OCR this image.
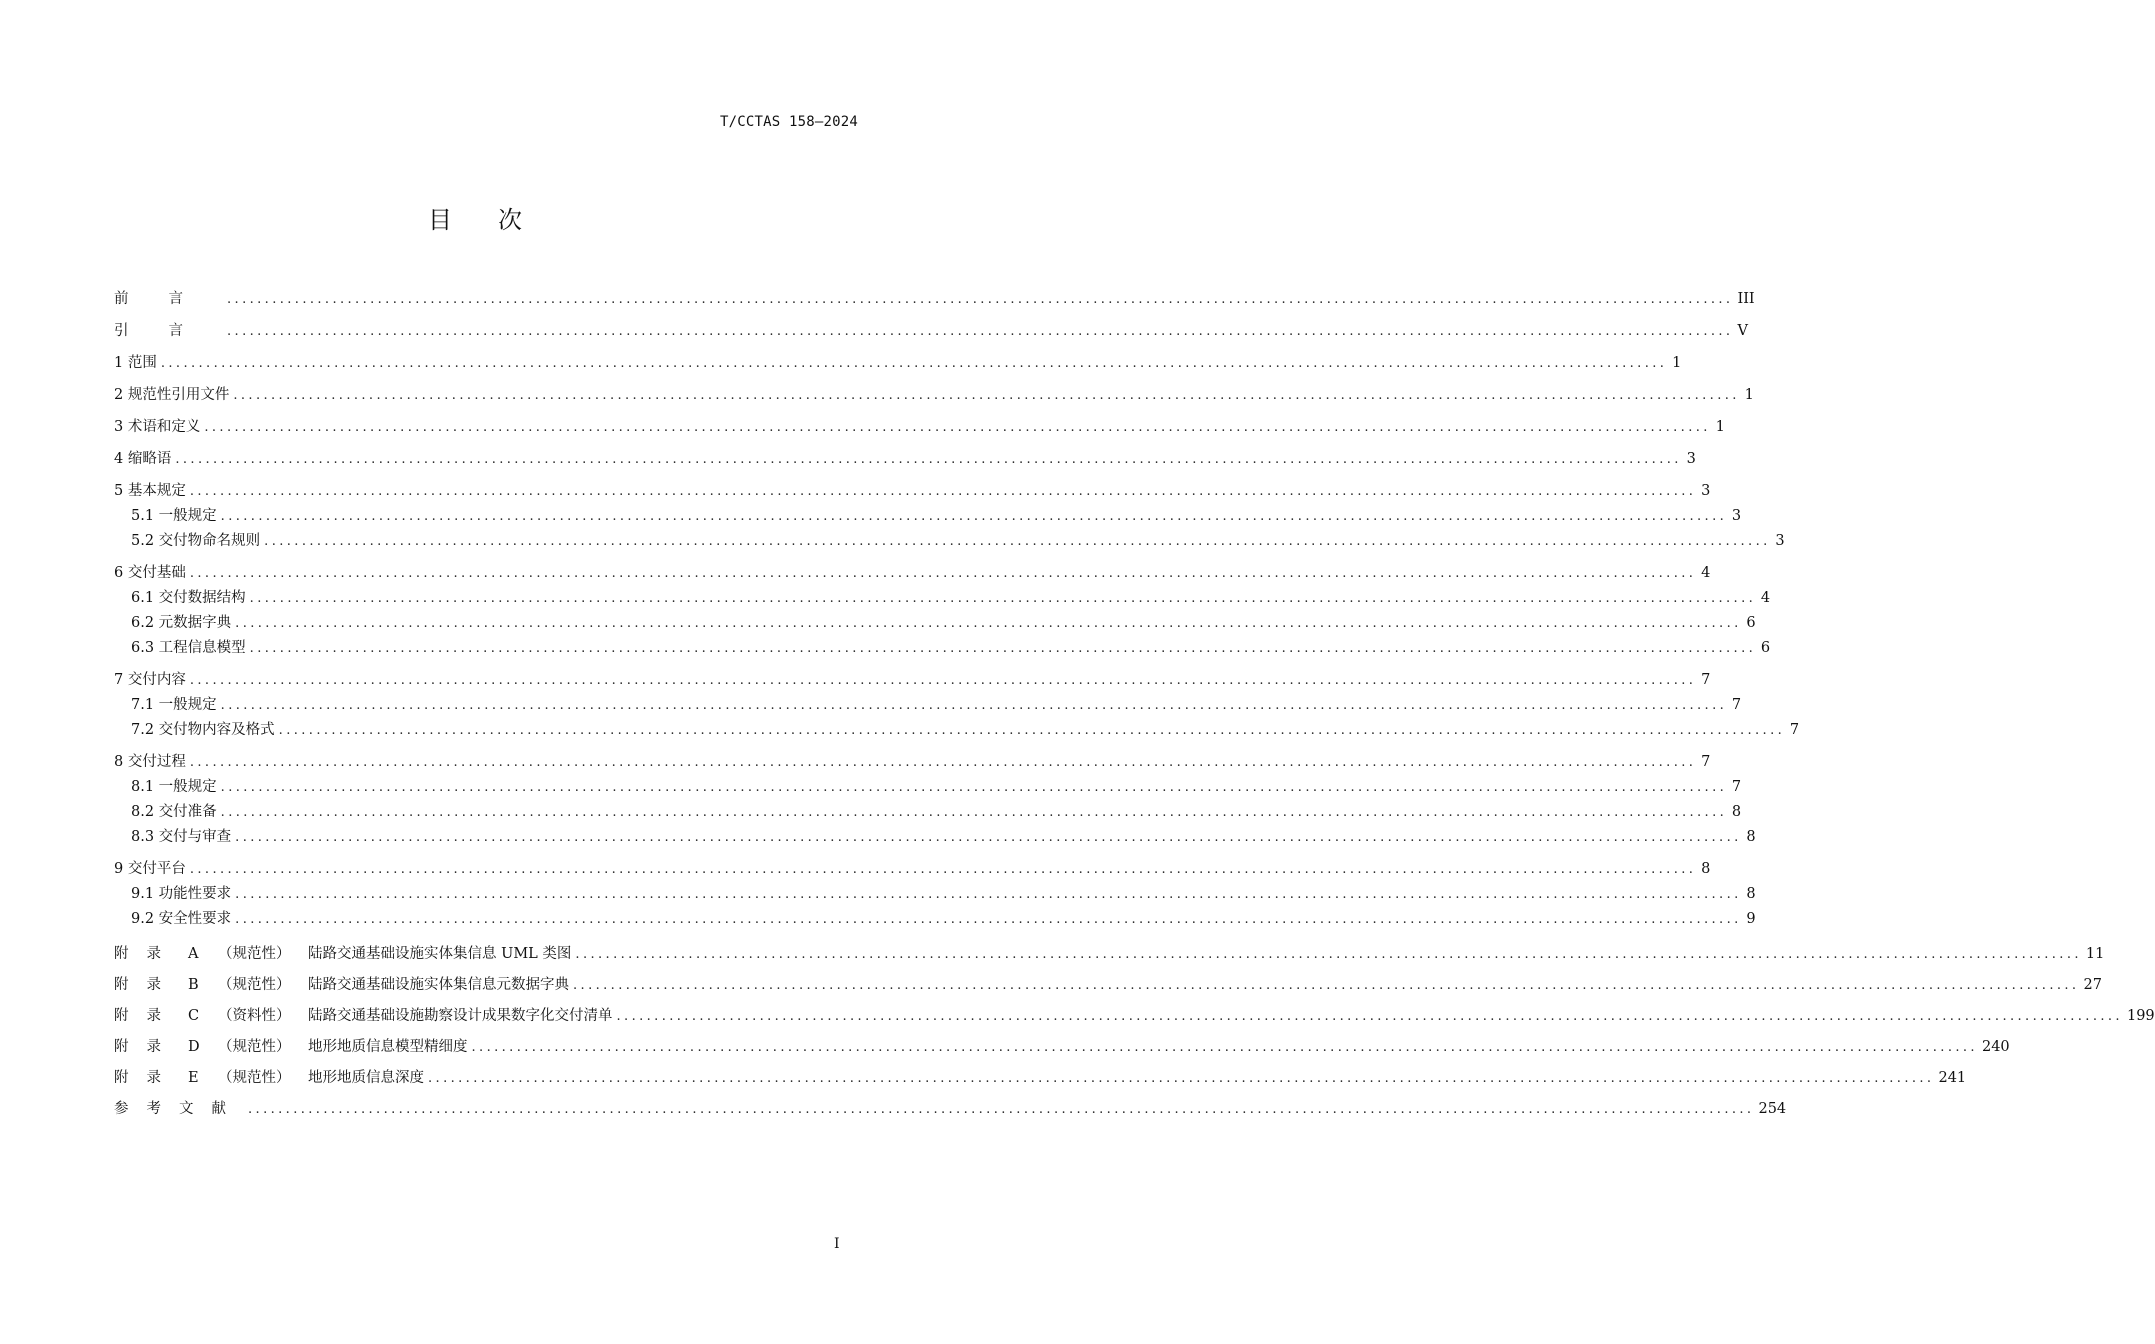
T/CCTAS 158—2024
目次
前言 ........................................................................................................................................................................................................ III
引言 ........................................................................................................................................................................................................ V
1 范围 ........................................................................................................................................................................................................ 1
2 规范性引用文件 ........................................................................................................................................................................................................ 1
3 术语和定义 ........................................................................................................................................................................................................ 1
4 缩略语 ........................................................................................................................................................................................................ 3
5 基本规定 ........................................................................................................................................................................................................ 3
5.1 一般规定 ........................................................................................................................................................................................................ 3
5.2 交付物命名规则 ........................................................................................................................................................................................................ 3
6 交付基础 ........................................................................................................................................................................................................ 4
6.1 交付数据结构 ........................................................................................................................................................................................................ 4
6.2 元数据字典 ........................................................................................................................................................................................................ 6
6.3 工程信息模型 ........................................................................................................................................................................................................ 6
7 交付内容 ........................................................................................................................................................................................................ 7
7.1 一般规定 ........................................................................................................................................................................................................ 7
7.2 交付物内容及格式 ........................................................................................................................................................................................................ 7
8 交付过程 ........................................................................................................................................................................................................ 7
8.1 一般规定 ........................................................................................................................................................................................................ 7
8.2 交付准备 ........................................................................................................................................................................................................ 8
8.3 交付与审查 ........................................................................................................................................................................................................ 8
9 交付平台 ........................................................................................................................................................................................................ 8
9.1 功能性要求 ........................................................................................................................................................................................................ 8
9.2 安全性要求 ........................................................................................................................................................................................................ 9
附录 A	（规范性）	陆路交通基础设施实体集信息 UML 类图 ........................................................................................................................................................................................................ 11
附录 B	（规范性）	陆路交通基础设施实体集信息元数据字典 ........................................................................................................................................................................................................ 27
附录 C	（资料性）	陆路交通基础设施勘察设计成果数字化交付清单 ........................................................................................................................................................................................................ 199
附录 D	（规范性）	地形地质信息模型精细度 ........................................................................................................................................................................................................ 240
附录 E	（规范性）	地形地质信息深度 ........................................................................................................................................................................................................ 241
参考文献 ........................................................................................................................................................................................................ 254
I
